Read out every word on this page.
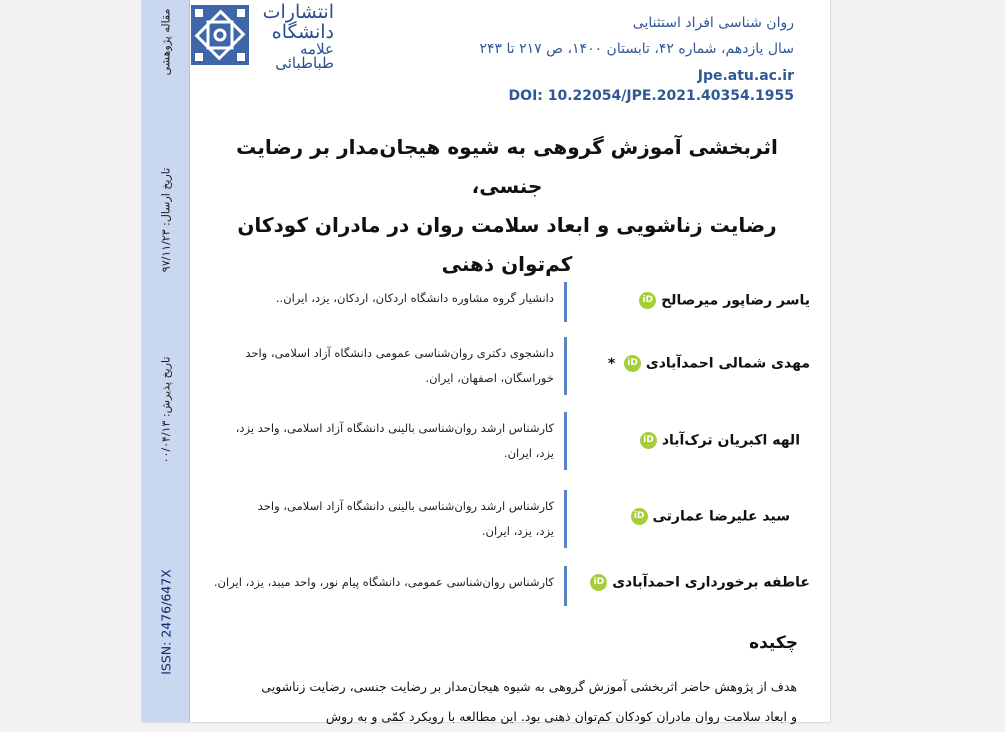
مقاله پژوهشی
تاریخ ارسال: ۹۷/۱۱/۲۳
تاریخ پذیرش: ۰۰/۰۴/۱۳
ISSN: 2476/647X
انتشارات
دانشگاه
علامه
طباطبائی
روان شناسی افراد استثنایی
سال یازدهم، شماره ۴۲، تابستان ۱۴۰۰، ص ۲۱۷ تا ۲۴۳
Jpe.atu.ac.ir
DOI: 10.22054/JPE.2021.40354.1955
اثربخشی آموزش گروهی به شیوه هیجان‌مدار بر رضایت جنسی،
رضایت زناشویی و ابعاد سلامت روان در مادران کودکان
کم‌توان ذهنی
یاسر رضاپور میرصالح iD
دانشیار گروه مشاوره دانشگاه اردکان، اردکان، یزد، ایران..
مهدی شمالی احمدآبادی iD *
دانشجوی دکتری روان‌شناسی عمومی دانشگاه آزاد اسلامی، واحد
خوراسگان، اصفهان، ایران.
الهه اکبریان ترک‌آباد iD
کارشناس ارشد روان‌شناسی بالینی دانشگاه آزاد اسلامی، واحد یزد،
یزد، ایران.
سید علیرضا عمارتی iD
کارشناس ارشد روان‌شناسی بالینی دانشگاه آزاد اسلامی، واحد
یزد، یزد، ایران.
عاطفه برخورداری احمدآبادی iD
کارشناس روان‌شناسی عمومی، دانشگاه پیام نور، واحد میبد، یزد، ایران.
چکیده
هدف از پژوهش حاضر اثربخشی آموزش گروهی به شیوه هیجان‌مدار بر رضایت جنسی، رضایت زناشویی
و ابعاد سلامت روان مادران کودکان کم‌توان ذهنی بود. این مطالعه با رویکرد کمّی و به روش
